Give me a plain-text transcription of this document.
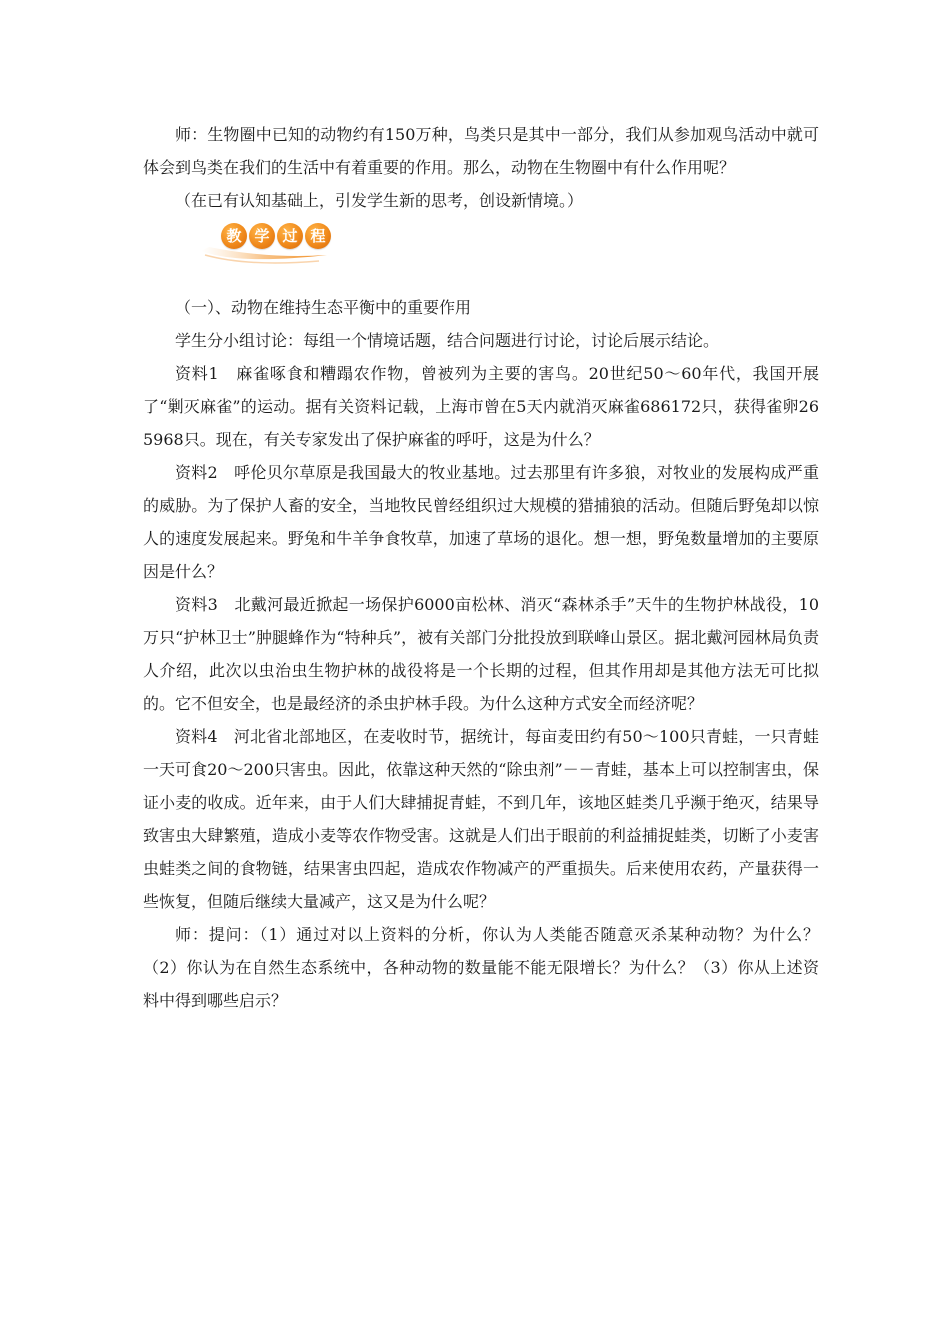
师：生物圈中已知的动物约有150万种，鸟类只是其中一部分，我们从参加观鸟活动中就可体会到鸟类在我们的生活中有着重要的作用。那么，动物在生物圈中有什么作用呢？

（在已有认知基础上，引发学生新的思考，创设新情境。）

教 学 过 程

（一）、动物在维持生态平衡中的重要作用

学生分小组讨论：每组一个情境话题，结合问题进行讨论，讨论后展示结论。

资料1　麻雀啄食和糟蹋农作物，曾被列为主要的害鸟。20世纪50～60年代，我国开展了“剿灭麻雀”的运动。据有关资料记载，上海市曾在5天内就消灭麻雀686172只，获得雀卵265968只。现在，有关专家发出了保护麻雀的呼吁，这是为什么？

资料2　呼伦贝尔草原是我国最大的牧业基地。过去那里有许多狼，对牧业的发展构成严重的威胁。为了保护人畜的安全，当地牧民曾经组织过大规模的猎捕狼的活动。但随后野兔却以惊人的速度发展起来。野兔和牛羊争食牧草，加速了草场的退化。想一想，野兔数量增加的主要原因是什么？

资料3　北戴河最近掀起一场保护6000亩松林、消灭“森林杀手”天牛的生物护林战役，10万只“护林卫士”肿腿蜂作为“特种兵”，被有关部门分批投放到联峰山景区。据北戴河园林局负责人介绍，此次以虫治虫生物护林的战役将是一个长期的过程，但其作用却是其他方法无可比拟的。它不但安全，也是最经济的杀虫护林手段。为什么这种方式安全而经济呢？

资料4　河北省北部地区，在麦收时节，据统计，每亩麦田约有50～100只青蛙，一只青蛙一天可食20～200只害虫。因此，依靠这种天然的“除虫剂”－－青蛙，基本上可以控制害虫，保证小麦的收成。近年来，由于人们大肆捕捉青蛙，不到几年，该地区蛙类几乎濒于绝灭，结果导致害虫大肆繁殖，造成小麦等农作物受害。这就是人们出于眼前的利益捕捉蛙类，切断了小麦害虫蛙类之间的食物链，结果害虫四起，造成农作物减产的严重损失。后来使用农药，产量获得一些恢复，但随后继续大量减产，这又是为什么呢？

师：提问：（1）通过对以上资料的分析，你认为人类能否随意灭杀某种动物？为什么？（2）你认为在自然生态系统中，各种动物的数量能不能无限增长？为什么？（3）你从上述资料中得到哪些启示？
